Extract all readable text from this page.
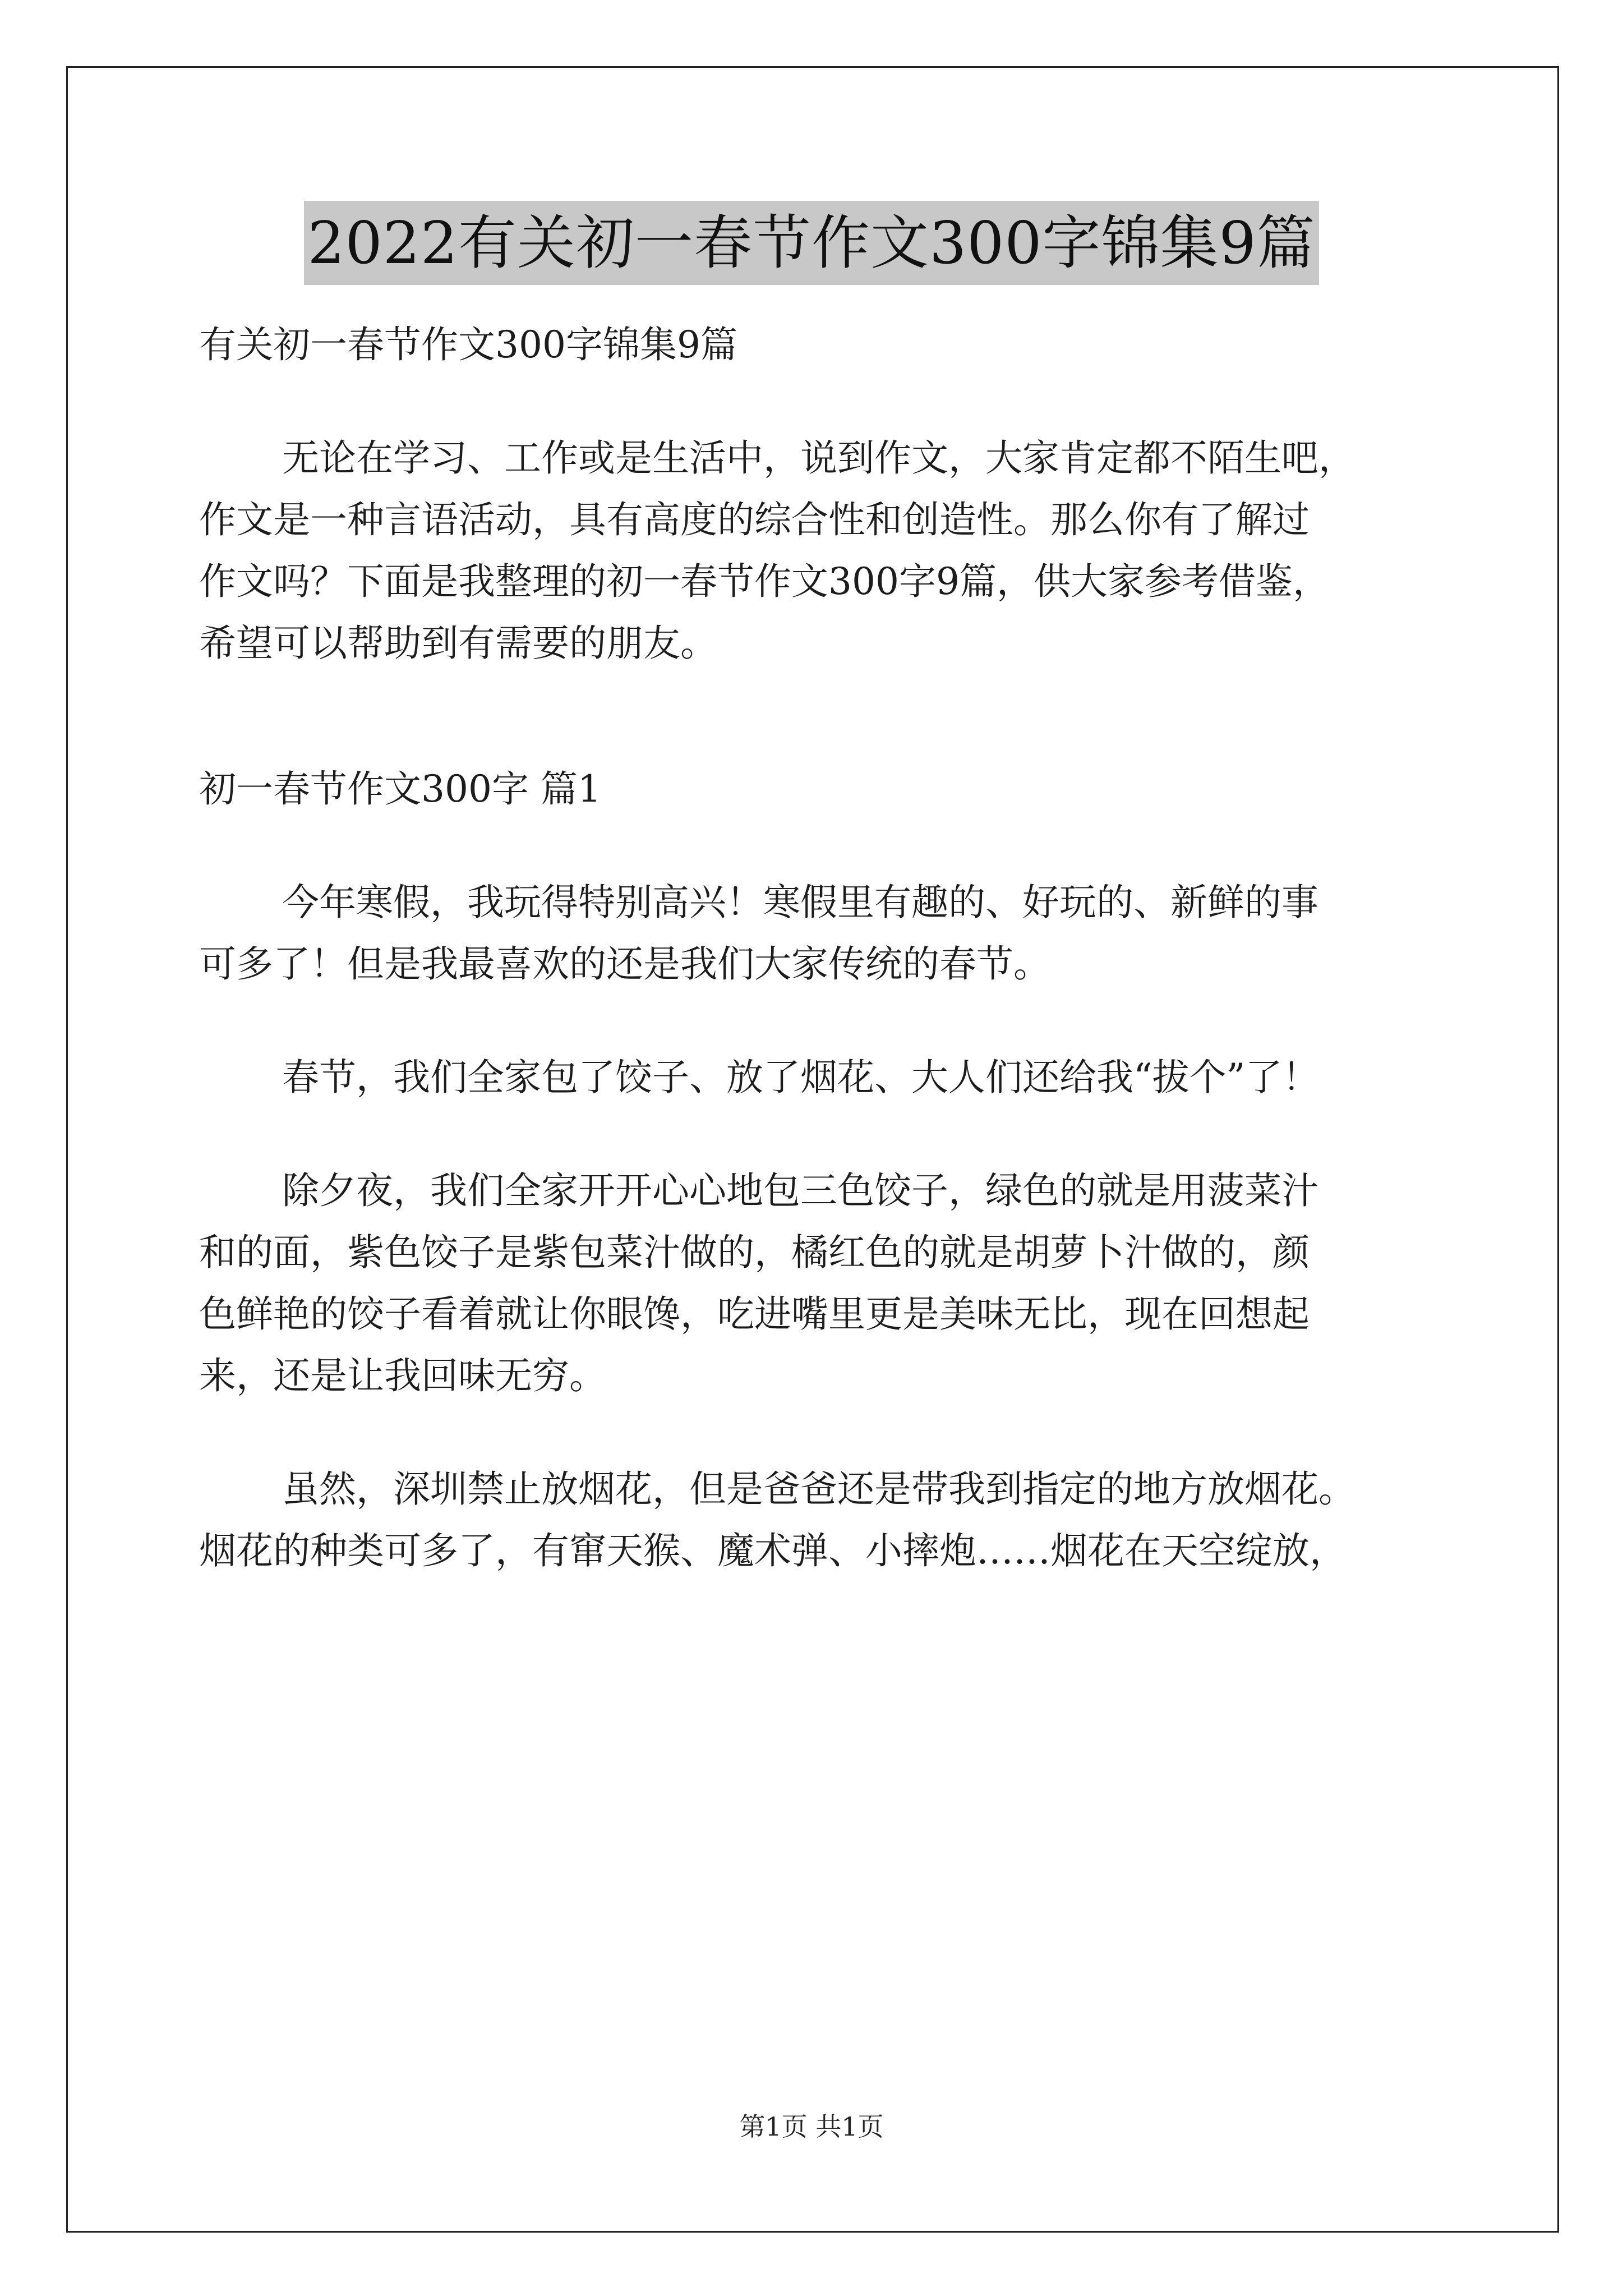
2022有关初一春节作文300字锦集9篇
有关初一春节作文300字锦集9篇
无论在学习、工作或是生活中，说到作文，大家肯定都不陌生吧，
作文是一种言语活动，具有高度的综合性和创造性。那么你有了解过
作文吗？下面是我整理的初一春节作文300字9篇，供大家参考借鉴，
希望可以帮助到有需要的朋友。
初一春节作文300字 篇1
今年寒假，我玩得特别高兴！寒假里有趣的、好玩的、新鲜的事
可多了！但是我最喜欢的还是我们大家传统的春节。
春节，我们全家包了饺子、放了烟花、大人们还给我“拔个”了！
除夕夜，我们全家开开心心地包三色饺子，绿色的就是用菠菜汁
和的面，紫色饺子是紫包菜汁做的，橘红色的就是胡萝卜汁做的，颜
色鲜艳的饺子看着就让你眼馋，吃进嘴里更是美味无比，现在回想起
来，还是让我回味无穷。
虽然，深圳禁止放烟花，但是爸爸还是带我到指定的地方放烟花。
烟花的种类可多了，有窜天猴、魔术弹、小摔炮……烟花在天空绽放，
第1页 共1页
